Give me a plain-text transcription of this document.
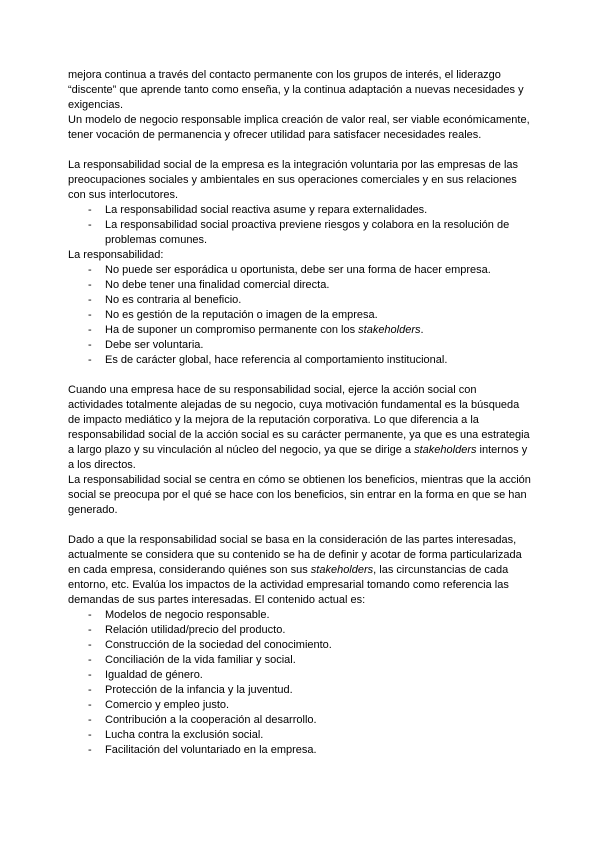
mejora continua a través del contacto permanente con los grupos de interés, el liderazgo “discente” que aprende tanto como enseña, y la continua adaptación a nuevas necesidades y exigencias.

Un modelo de negocio responsable implica creación de valor real, ser viable económicamente, tener vocación de permanencia y ofrecer utilidad para satisfacer necesidades reales.

La responsabilidad social de la empresa es la integración voluntaria por las empresas de las preocupaciones sociales y ambientales en sus operaciones comerciales y en sus relaciones con sus interlocutores.

-	La responsabilidad social reactiva asume y repara externalidades.
-	La responsabilidad social proactiva previene riesgos y colabora en la resolución de problemas comunes.

La responsabilidad:

-	No puede ser esporádica u oportunista, debe ser una forma de hacer empresa.
-	No debe tener una finalidad comercial directa.
-	No es contraria al beneficio.
-	No es gestión de la reputación o imagen de la empresa.
-	Ha de suponer un compromiso permanente con los stakeholders.
-	Debe ser voluntaria.
-	Es de carácter global, hace referencia al comportamiento institucional.

Cuando una empresa hace de su responsabilidad social, ejerce la acción social con actividades totalmente alejadas de su negocio, cuya motivación fundamental es la búsqueda de impacto mediático y la mejora de la reputación corporativa. Lo que diferencia a la responsabilidad social de la acción social es su carácter permanente, ya que es una estrategia a largo plazo y su vinculación al núcleo del negocio, ya que se dirige a stakeholders internos y a los directos.

La responsabilidad social se centra en cómo se obtienen los beneficios, mientras que la acción social se preocupa por el qué se hace con los beneficios, sin entrar en la forma en que se han generado.

Dado a que la responsabilidad social se basa en la consideración de las partes interesadas, actualmente se considera que su contenido se ha de definir y acotar de forma particularizada en cada empresa, considerando quiénes son sus stakeholders, las circunstancias de cada entorno, etc. Evalúa los impactos de la actividad empresarial tomando como referencia las demandas de sus partes interesadas. El contenido actual es:

-	Modelos de negocio responsable.
-	Relación utilidad/precio del producto.
-	Construcción de la sociedad del conocimiento.
-	Conciliación de la vida familiar y social.
-	Igualdad de género.
-	Protección de la infancia y la juventud.
-	Comercio y empleo justo.
-	Contribución a la cooperación al desarrollo.
-	Lucha contra la exclusión social.
-	Facilitación del voluntariado en la empresa.
